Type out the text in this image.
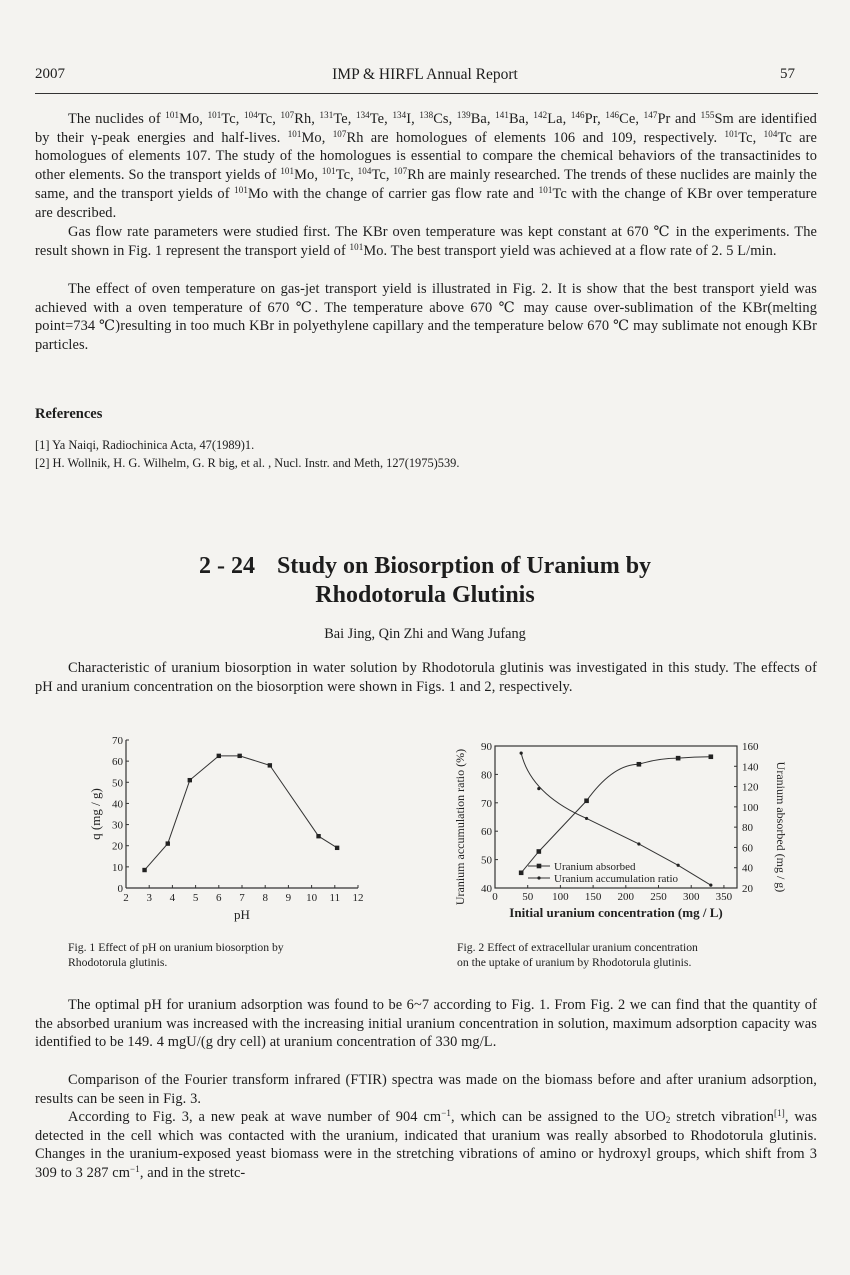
2007	IMP & HIRFL Annual Report	57
The nuclides of $^{101}$Mo, $^{101}$Tc, $^{104}$Tc, $^{107}$Rh, $^{131}$Te, $^{134}$Te, $^{134}$I, $^{138}$Cs, $^{139}$Ba, $^{141}$Ba, $^{142}$La, $^{146}$Pr, $^{146}$Ce, $^{147}$Pr and $^{155}$Sm are identified by their γ-peak energies and half-lives. $^{101}$Mo, $^{107}$Rh are homologues of elements 106 and 109, respectively. $^{101}$Tc, $^{104}$Tc are homologues of elements 107. The study of the homologues is essential to compare the chemical behaviors of the transactinides to other elements. So the transport yields of $^{101}$Mo, $^{101}$Tc, $^{104}$Tc, $^{107}$Rh are mainly researched. The trends of these nuclides are mainly the same, and the transport yields of $^{101}$Mo with the change of carrier gas flow rate and $^{101}$Tc with the change of KBr over temperature are described.
Gas flow rate parameters were studied first. The KBr oven temperature was kept constant at 670 ℃ in the experiments. The result shown in Fig. 1 represent the transport yield of $^{101}$Mo. The best transport yield was achieved at a flow rate of 2. 5 L/min.
The effect of oven temperature on gas-jet transport yield is illustrated in Fig. 2. It is show that the best transport yield was achieved with a oven temperature of 670 ℃. The temperature above 670 ℃ may cause over-sublimation of the KBr(melting point=734 ℃)resulting in too much KBr in polyethylene capillary and the temperature below 670 ℃ may sublimate not enough KBr particles.
References
[1] Ya Naiqi, Radiochinica Acta, 47(1989)1.
[2] H. Wollnik, H. G. Wilhelm, G. R big, et al. , Nucl. Instr. and Meth, 127(1975)539.
2 - 24 Study on Biosorption of Uranium by
Rhodotorula Glutinis
Bai Jing, Qin Zhi and Wang Jufang
Characteristic of uranium biosorption in water solution by Rhodotorula glutinis was investigated in this study. The effects of pH and uranium concentration on the biosorption were shown in Figs. 1 and 2, respectively.
2 3 4 5 6 7 8 9 10 11 12
0
10
20
30
40
50
60
70
pH
q (mg / g)
Fig. 1 Effect of pH on uranium biosorption by
Rhodotorula glutinis.
0 50 100 150 200 250 300 350
40
50
60
70
80
90
20
40
60
80
100
120
140
160
Initial uranium concentration (mg / L)
Uranium accumulation ratio (%)	Uranium absorbed (mg / g)
Uranium absorbed
Uranium accumulation ratio
Fig. 2 Effect of extracellular uranium concentration
on the uptake of uranium by Rhodotorula glutinis.
The optimal pH for uranium adsorption was found to be 6~7 according to Fig. 1. From Fig. 2 we can find that the quantity of the absorbed uranium was increased with the increasing initial uranium concentration in solution, maximum adsorption capacity was identified to be 149. 4 mgU/(g dry cell) at uranium concentration of 330 mg/L.
Comparison of the Fourier transform infrared (FTIR) spectra was made on the biomass before and after uranium adsorption, results can be seen in Fig. 3.
According to Fig. 3, a new peak at wave number of 904 $cm^{-1}$, which can be assigned to the $UO_2$ stretch vibration[1], was detected in the cell which was contacted with the uranium, indicated that uranium was really absorbed to Rhodotorula glutinis. Changes in the uranium-exposed yeast biomass were in the stretching vibrations of amino or hydroxyl groups, which shift from 3 309 to 3 287 $cm^{-1}$, and in the stretc-
